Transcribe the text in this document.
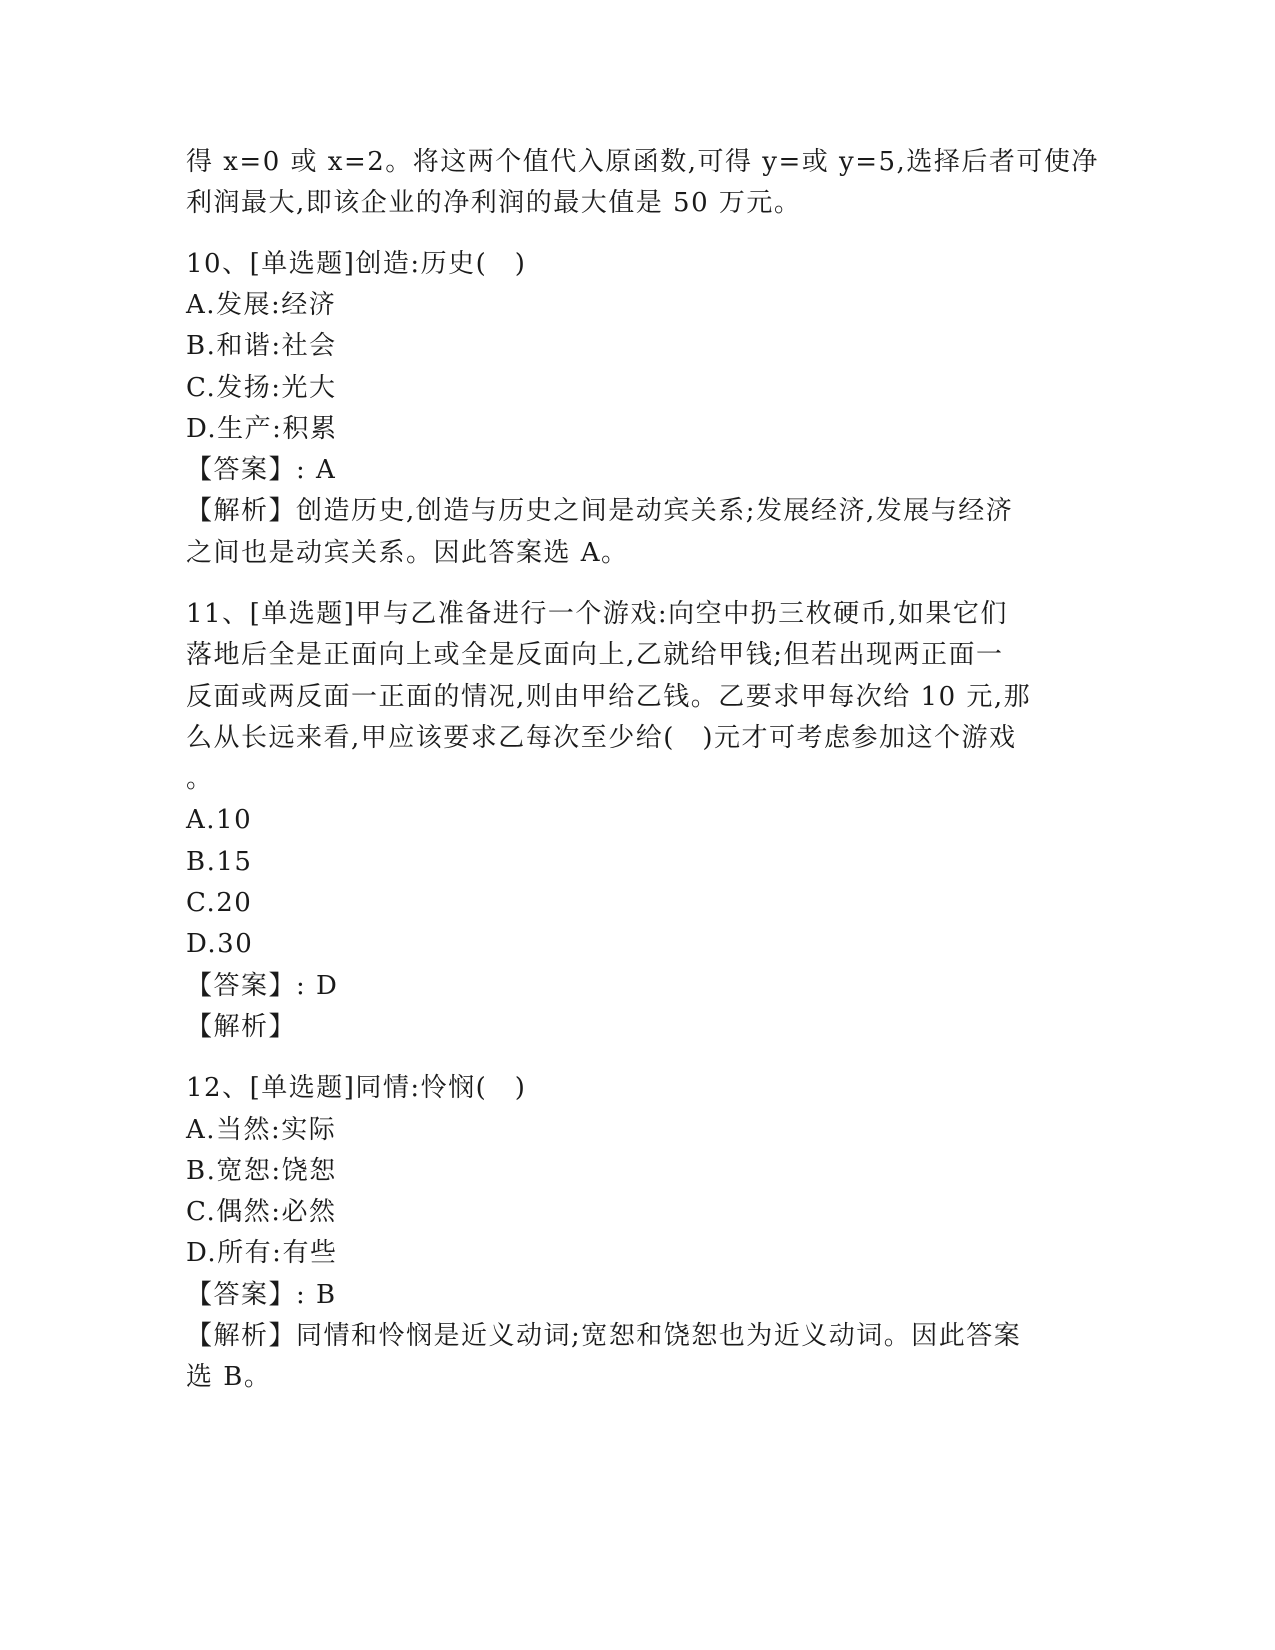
得 x=0 或 x=2。将这两个值代入原函数,可得 y=或 y=5,选择后者可使净
利润最大,即该企业的净利润的最大值是 50 万元。
10、[单选题]创造:历史(　)
A.发展:经济
B.和谐:社会
C.发扬:光大
D.生产:积累
【答案】: A
【解析】创造历史,创造与历史之间是动宾关系;发展经济,发展与经济
之间也是动宾关系。因此答案选 A。
11、[单选题]甲与乙准备进行一个游戏:向空中扔三枚硬币,如果它们
落地后全是正面向上或全是反面向上,乙就给甲钱;但若出现两正面一
反面或两反面一正面的情况,则由甲给乙钱。乙要求甲每次给 10 元,那
么从长远来看,甲应该要求乙每次至少给(　)元才可考虑参加这个游戏
。
A.10
B.15
C.20
D.30
【答案】: D
【解析】
12、[单选题]同情:怜悯(　)
A.当然:实际
B.宽恕:饶恕
C.偶然:必然
D.所有:有些
【答案】: B
【解析】同情和怜悯是近义动词;宽恕和饶恕也为近义动词。因此答案
选 B。
